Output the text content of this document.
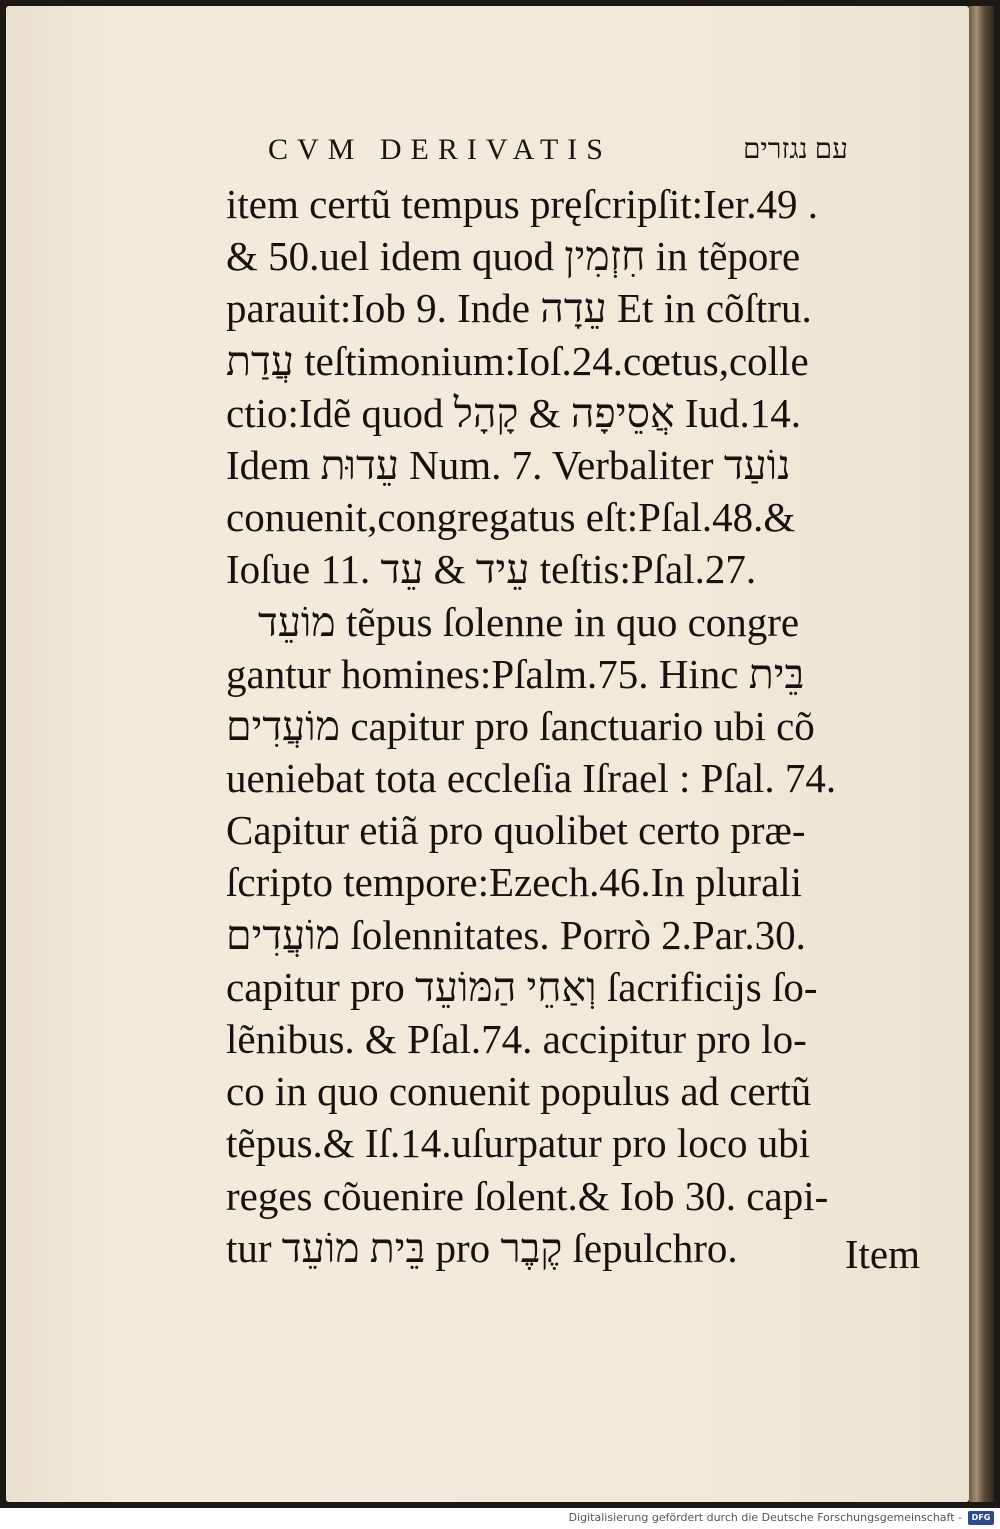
CVM DERIVATIS	עם נגזרים
item certũ tempus pręſcripſit:Ier.49 .
& 50.uel idem quod חִזְמִין in tẽpore
parauit:Iob 9. Inde עֵדָה Et in cõſtru.
עֲדַת teſtimonium:Ioſ.24.cœtus,colle
ctio:Idẽ quod אֲסֵיפָה & קָהָל Iud.14.
Idem עֵדוּת Num. 7. Verbaliter נוֹעַד
conuenit,congregatus eſt:Pſal.48.&
Ioſue 11. עֵיד & עֵד teſtis:Pſal.27.
מוֹעֵד tẽpus ſolenne in quo congre
gantur homines:Pſalm.75. Hinc בֵּית
מוֹעֲדִים capitur pro ſanctuario ubi cõ
ueniebat tota eccleſia Iſrael : Pſal. 74.
Capitur etiã pro quolibet certo præ-
ſcripto tempore:Ezech.46.In plurali
מוֹעֲדִים ſolennitates. Porrò 2.Par.30.
capitur pro וְאַחֵי הַמּוֹעֵד ſacrificijs ſo-
lẽnibus. & Pſal.74. accipitur pro lo-
co in quo conuenit populus ad certũ
tẽpus.& Iſ.14.uſurpatur pro loco ubi
reges cõuenire ſolent.& Iob 30. capi-
tur בֵּית מוֹעֵד pro קֶבֶר ſepulchro.	Item
Digitalisierung gefördert durch die Deutsche Forschungsgemeinschaft -	DFG
